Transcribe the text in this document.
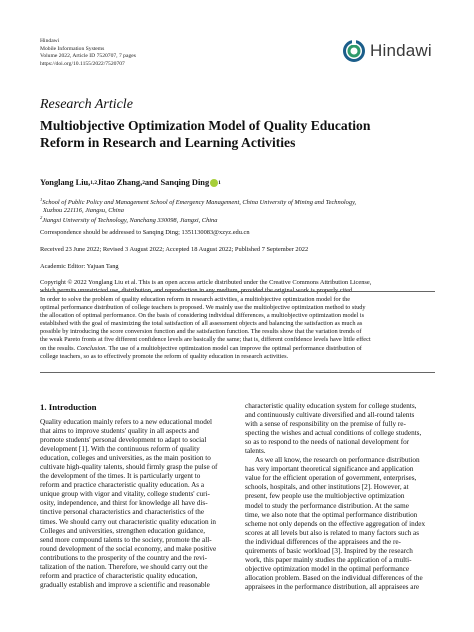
Hindawi
Mobile Information Systems
Volume 2022, Article ID 7520707, 7 pages
https://doi.org/10.1155/2022/7520707
Hindawi
Research Article
Multiobjective Optimization Model of Quality Education
Reform in Research and Learning Activities
Yonglang Liu, 1,2 Jitao Zhang, 2 and Sanqing Ding 1
$^1$School of Public Policy and Management School of Emergency Management, China University of Mining and Technology,
Xuzhou 221116, Jiangsu, China
$^2$Jiangxi University of Technology, Nanchang 330098, Jiangxi, China
Correspondence should be addressed to Sanqing Ding; 1351130083@xzyz.edu.cn
Received 23 June 2022; Revised 3 August 2022; Accepted 18 August 2022; Published 7 September 2022
Academic Editor: Yajuan Tang
Copyright © 2022 Yonglang Liu et al. This is an open access article distributed under the Creative Commons Attribution License,
which permits unrestricted use, distribution, and reproduction in any medium, provided the original work is properly cited.
In order to solve the problem of quality education reform in research activities, a multiobjective optimization model for the
optimal performance distribution of college teachers is proposed. We mainly use the multiobjective optimization method to study
the allocation of optimal performance. On the basis of considering individual differences, a multiobjective optimization model is
established with the goal of maximizing the total satisfaction of all assessment objects and balancing the satisfaction as much as
possible by introducing the score conversion function and the satisfaction function. The results show that the variation trends of
the weak Pareto fronts at five different confidence levels are basically the same; that is, different confidence levels have little effect
on the results. Conclusion. The use of a multiobjective optimization model can improve the optimal performance distribution of
college teachers, so as to effectively promote the reform of quality education in research activities.
1. Introduction
Quality education mainly refers to a new educational model
that aims to improve students' quality in all aspects and
promote students' personal development to adapt to social
development [1]. With the continuous reform of quality
education, colleges and universities, as the main position to
cultivate high-quality talents, should firmly grasp the pulse of
the development of the times. It is particularly urgent to
reform and practice characteristic quality education. As a
unique group with vigor and vitality, college students' curi-
osity, independence, and thirst for knowledge all have dis-
tinctive personal characteristics and characteristics of the
times. We should carry out characteristic quality education in
Colleges and universities, strengthen education guidance,
send more compound talents to the society, promote the all-
round development of the social economy, and make positive
contributions to the prosperity of the country and the revi-
talization of the nation. Therefore, we should carry out the
reform and practice of characteristic quality education,
gradually establish and improve a scientific and reasonable
characteristic quality education system for college students,
and continuously cultivate diversified and all-round talents
with a sense of responsibility on the premise of fully re-
specting the wishes and actual conditions of college students,
so as to respond to the needs of national development for
talents.
As we all know, the research on performance distribution
has very important theoretical significance and application
value for the efficient operation of government, enterprises,
schools, hospitals, and other institutions [2]. However, at
present, few people use the multiobjective optimization
model to study the performance distribution. At the same
time, we also note that the optimal performance distribution
scheme not only depends on the effective aggregation of index
scores at all levels but also is related to many factors such as
the individual differences of the appraisees and the re-
quirements of basic workload [3]. Inspired by the research
work, this paper mainly studies the application of a multi-
objective optimization model in the optimal performance
allocation problem. Based on the individual differences of the
appraisees in the performance distribution, all appraisees are
